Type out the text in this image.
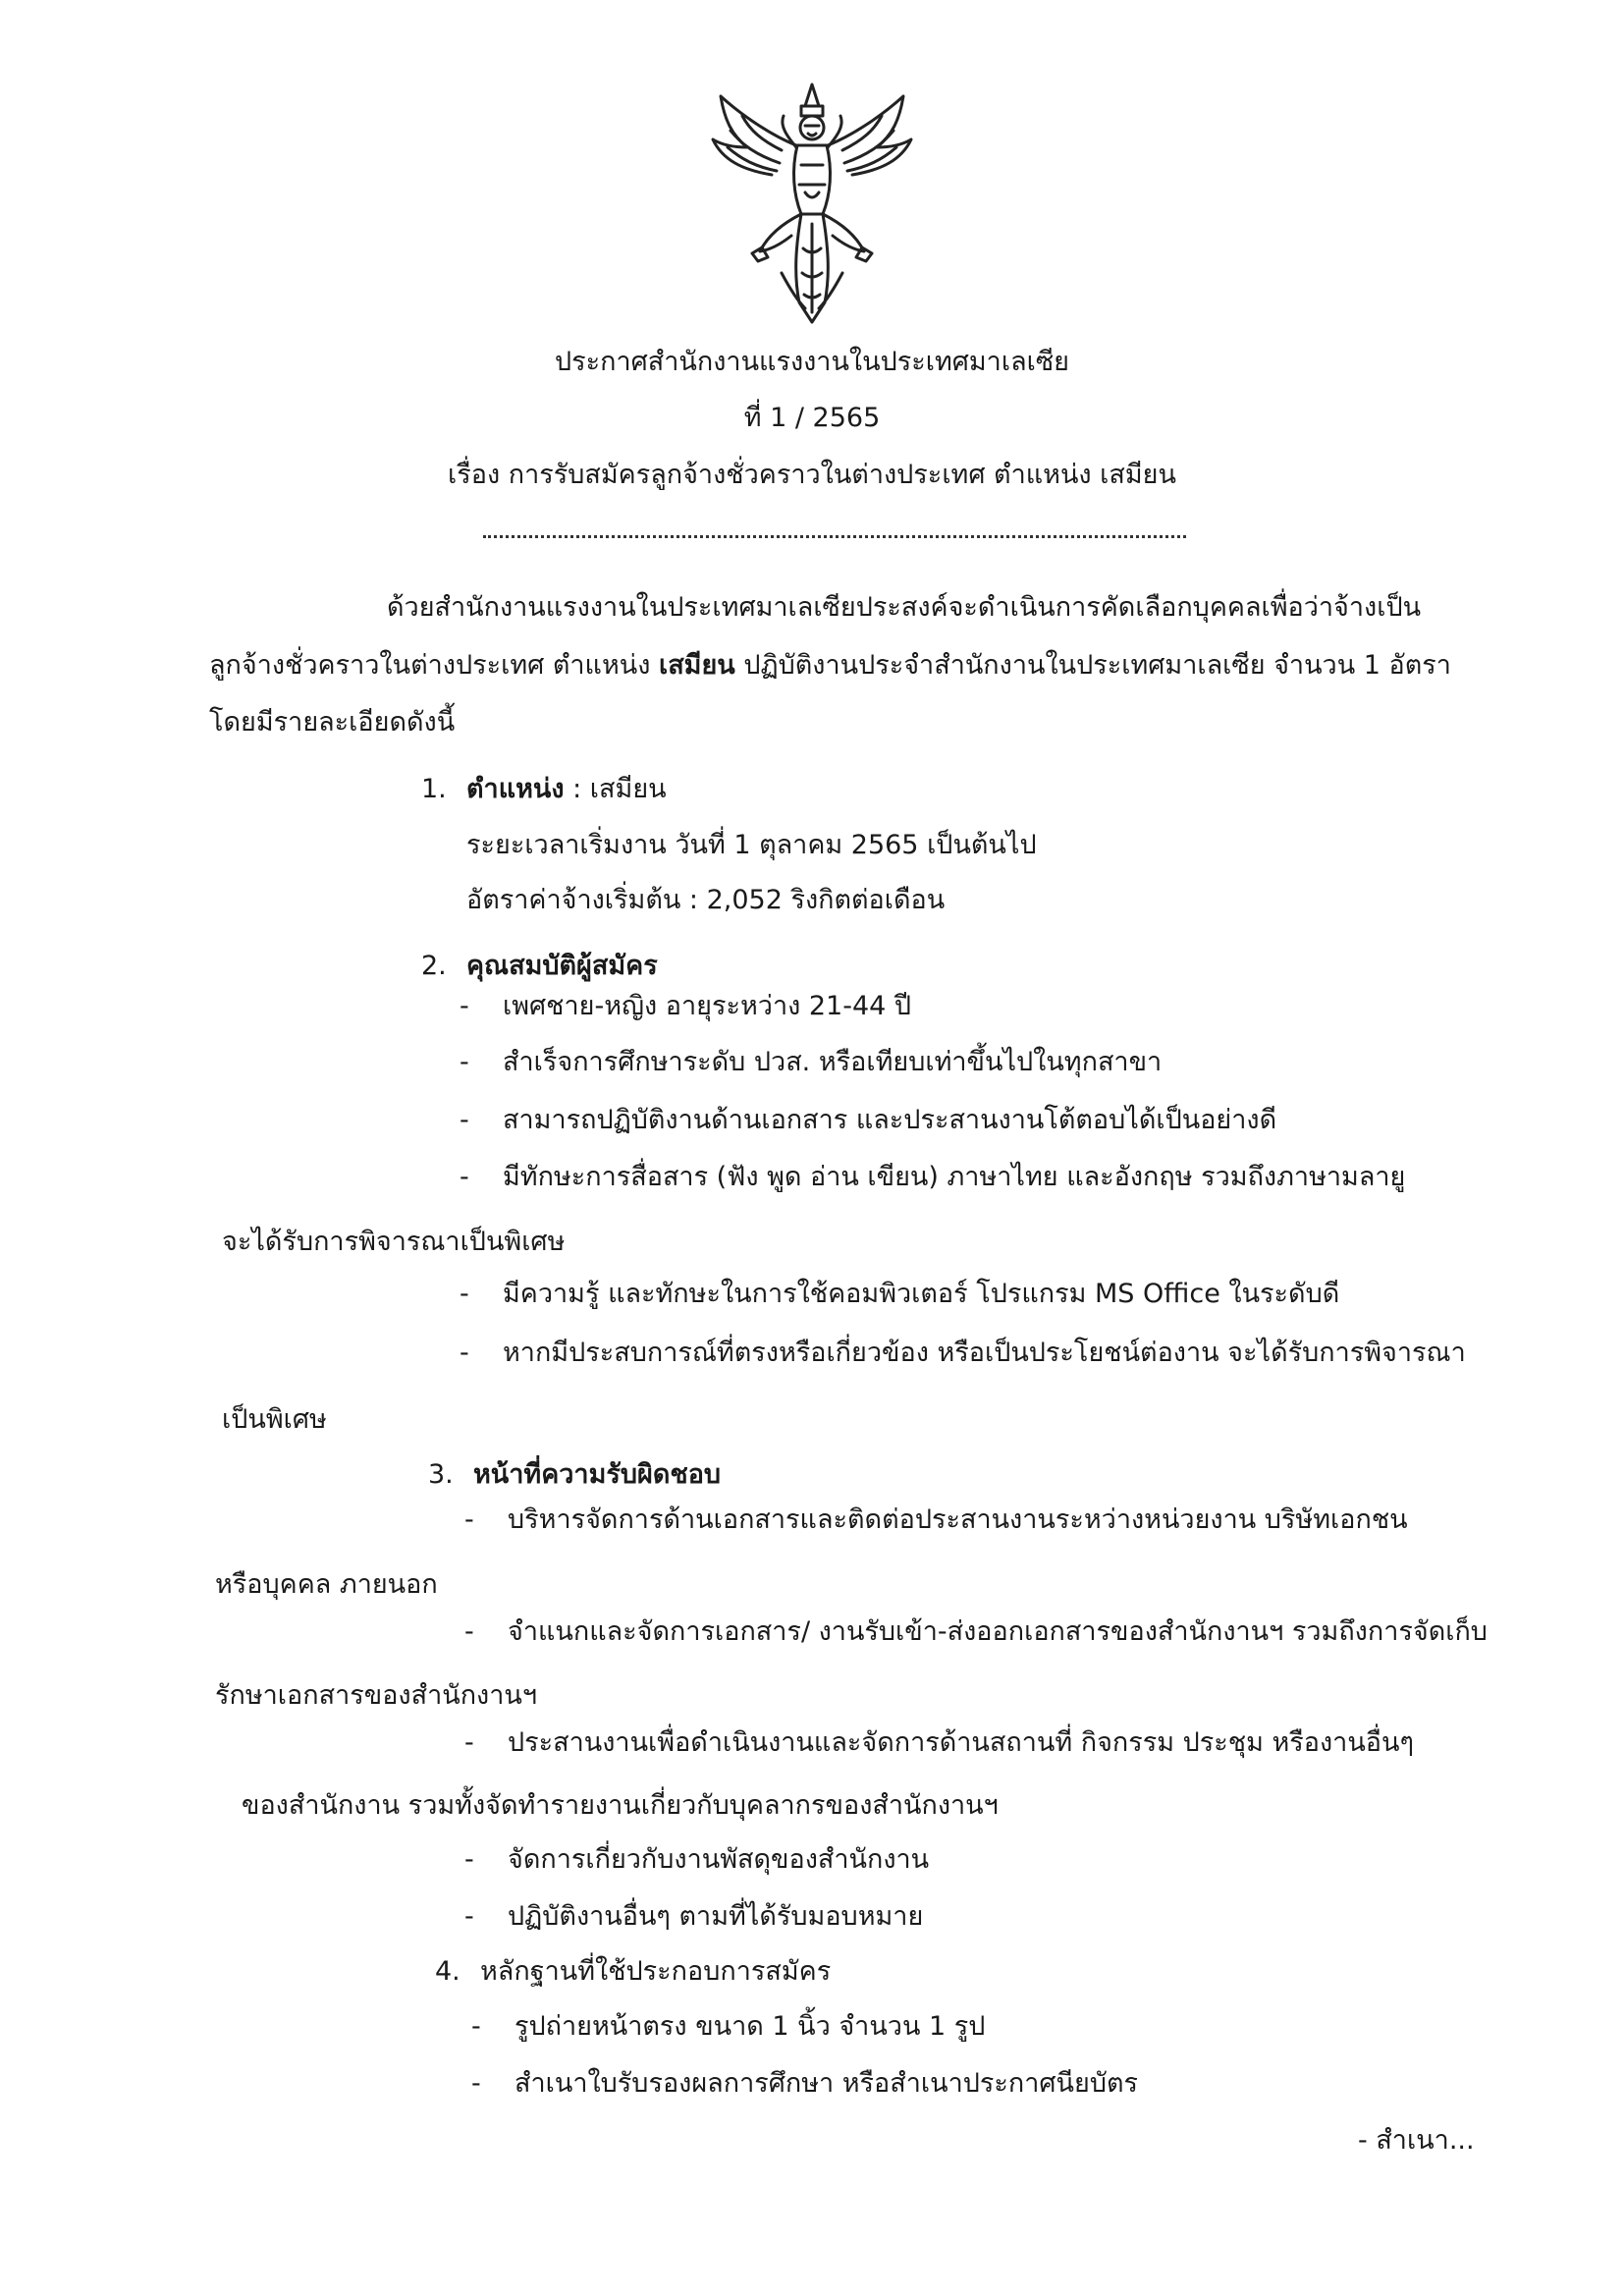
ประกาศสำนักงานแรงงานในประเทศมาเลเซีย
ที่ 1 / 2565
เรื่อง การรับสมัครลูกจ้างชั่วคราวในต่างประเทศ ตำแหน่ง เสมียน
ด้วยสำนักงานแรงงานในประเทศมาเลเซียประสงค์จะดำเนินการคัดเลือกบุคคลเพื่อว่าจ้างเป็น
ลูกจ้างชั่วคราวในต่างประเทศ ตำแหน่ง เสมียน ปฏิบัติงานประจำสำนักงานในประเทศมาเลเซีย จำนวน 1 อัตรา
โดยมีรายละเอียดดังนี้
1. ตำแหน่ง : เสมียน
ระยะเวลาเริ่มงาน วันที่ 1 ตุลาคม 2565 เป็นต้นไป
อัตราค่าจ้างเริ่มต้น : 2,052 ริงกิตต่อเดือน
2. คุณสมบัติผู้สมัคร
- เพศชาย-หญิง อายุระหว่าง 21-44 ปี
- สำเร็จการศึกษาระดับ ปวส. หรือเทียบเท่าขึ้นไปในทุกสาขา
- สามารถปฏิบัติงานด้านเอกสาร และประสานงานโต้ตอบได้เป็นอย่างดี
- มีทักษะการสื่อสาร (ฟัง พูด อ่าน เขียน) ภาษาไทย และอังกฤษ รวมถึงภาษามลายู
จะได้รับการพิจารณาเป็นพิเศษ
- มีความรู้ และทักษะในการใช้คอมพิวเตอร์ โปรแกรม MS Office ในระดับดี
- หากมีประสบการณ์ที่ตรงหรือเกี่ยวข้อง หรือเป็นประโยชน์ต่องาน จะได้รับการพิจารณา
เป็นพิเศษ
3. หน้าที่ความรับผิดชอบ
- บริหารจัดการด้านเอกสารและติดต่อประสานงานระหว่างหน่วยงาน บริษัทเอกชน
หรือบุคคล ภายนอก
- จำแนกและจัดการเอกสาร/ งานรับเข้า-ส่งออกเอกสารของสำนักงานฯ รวมถึงการจัดเก็บ
รักษาเอกสารของสำนักงานฯ
- ประสานงานเพื่อดำเนินงานและจัดการด้านสถานที่ กิจกรรม ประชุม หรืองานอื่นๆ
ของสำนักงาน รวมทั้งจัดทำรายงานเกี่ยวกับบุคลากรของสำนักงานฯ
- จัดการเกี่ยวกับงานพัสดุของสำนักงาน
- ปฏิบัติงานอื่นๆ ตามที่ได้รับมอบหมาย
4. หลักฐานที่ใช้ประกอบการสมัคร
- รูปถ่ายหน้าตรง ขนาด 1 นิ้ว จำนวน 1 รูป
- สำเนาใบรับรองผลการศึกษา หรือสำเนาประกาศนียบัตร
- สำเนา...
